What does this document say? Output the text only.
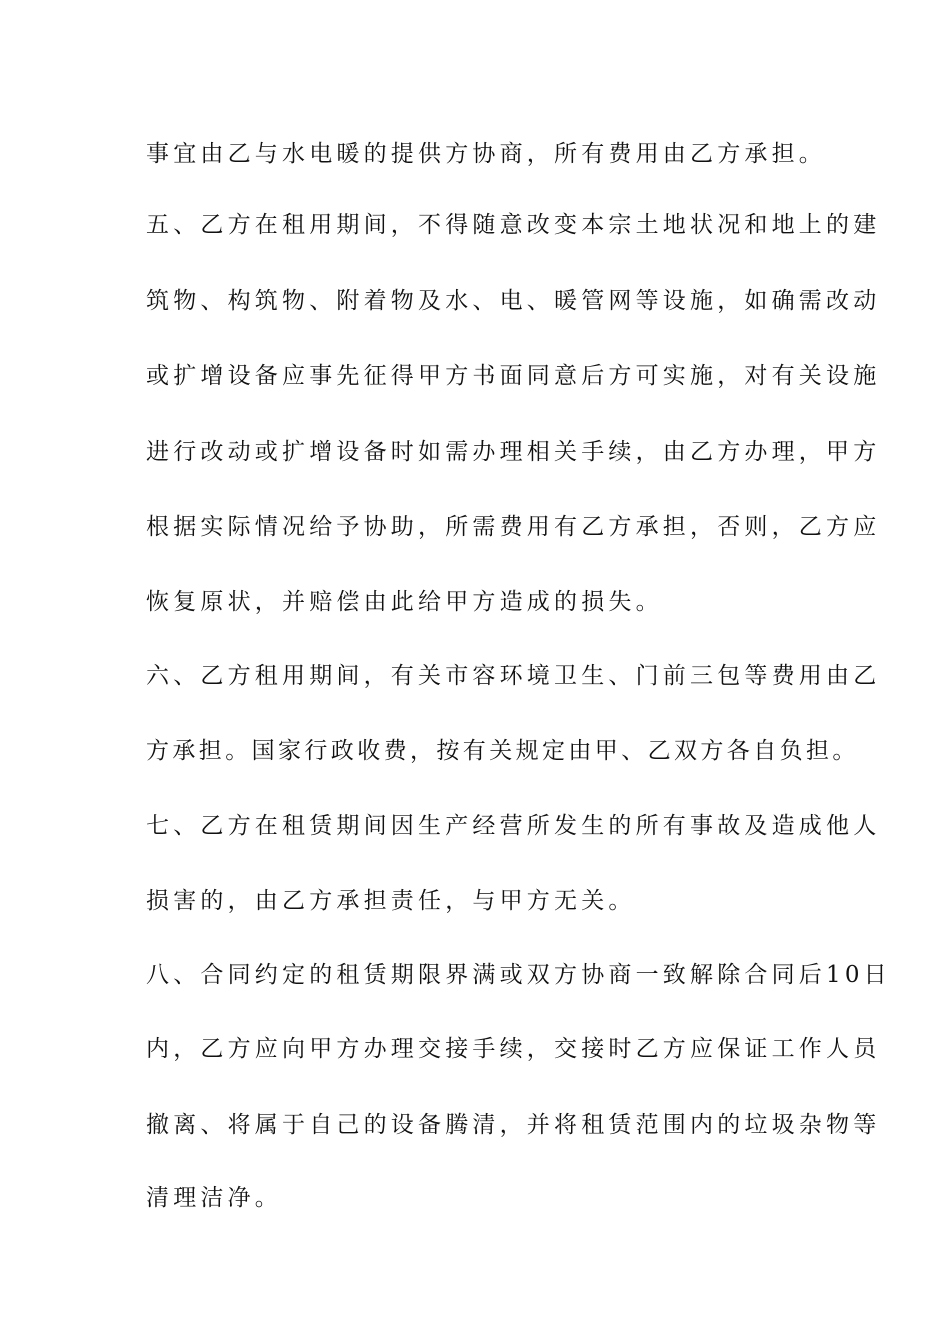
事宜由乙与水电暖的提供方协商，所有费用由乙方承担。
五、乙方在租用期间，不得随意改变本宗土地状况和地上的建
筑物、构筑物、附着物及水、电、暖管网等设施，如确需改动
或扩增设备应事先征得甲方书面同意后方可实施，对有关设施
进行改动或扩增设备时如需办理相关手续，由乙方办理，甲方
根据实际情况给予协助，所需费用有乙方承担，否则，乙方应
恢复原状，并赔偿由此给甲方造成的损失。
六、乙方租用期间，有关市容环境卫生、门前三包等费用由乙
方承担。国家行政收费，按有关规定由甲、乙双方各自负担。
七、乙方在租赁期间因生产经营所发生的所有事故及造成他人
损害的，由乙方承担责任，与甲方无关。
八、合同约定的租赁期限界满或双方协商一致解除合同后10日
内，乙方应向甲方办理交接手续，交接时乙方应保证工作人员
撤离、将属于自己的设备腾清，并将租赁范围内的垃圾杂物等
清理洁净。
